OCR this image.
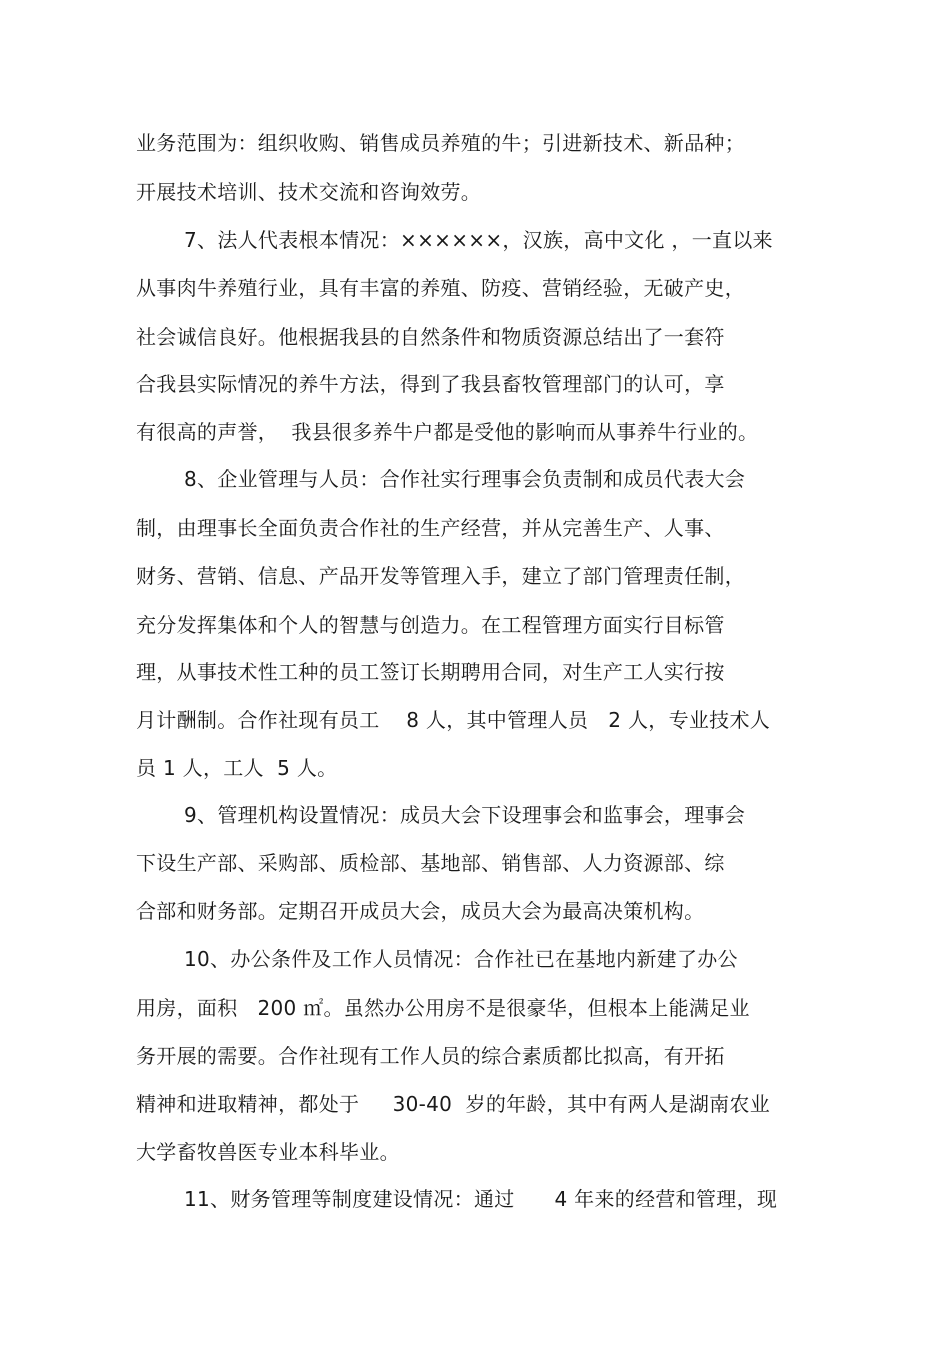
业务范围为：组织收购、销售成员养殖的牛；引进新技术、新品种；
开展技术培训、技术交流和咨询效劳。
7、法人代表根本情况：××××××，汉族，高中文化 ，一直以来
从事肉牛养殖行业，具有丰富的养殖、防疫、营销经验，无破产史，
社会诚信良好。他根据我县的自然条件和物质资源总结出了一套符
合我县实际情况的养牛方法，得到了我县畜牧管理部门的认可，享
有很高的声誉，  我县很多养牛户都是受他的影响而从事养牛行业的。
8、企业管理与人员：合作社实行理事会负责制和成员代表大会
制，由理事长全面负责合作社的生产经营，并从完善生产、人事、
财务、营销、信息、产品开发等管理入手，建立了部门管理责任制，
充分发挥集体和个人的智慧与创造力。在工程管理方面实行目标管
理，从事技术性工种的员工签订长期聘用合同，对生产工人实行按
月计酬制。合作社现有员工    8 人，其中管理人员   2 人，专业技术人
员 1 人，工人  5 人。
9、管理机构设置情况：成员大会下设理事会和监事会，理事会
下设生产部、采购部、质检部、基地部、销售部、人力资源部、综
合部和财务部。定期召开成员大会，成员大会为最高决策机构。
10、办公条件及工作人员情况：合作社已在基地内新建了办公
用房，面积   200 ㎡。虽然办公用房不是很豪华，但根本上能满足业
务开展的需要。合作社现有工作人员的综合素质都比拟高，有开拓
精神和进取精神，都处于     30-40  岁的年龄，其中有两人是湖南农业
大学畜牧兽医专业本科毕业。
11、财务管理等制度建设情况：通过      4 年来的经营和管理，现
